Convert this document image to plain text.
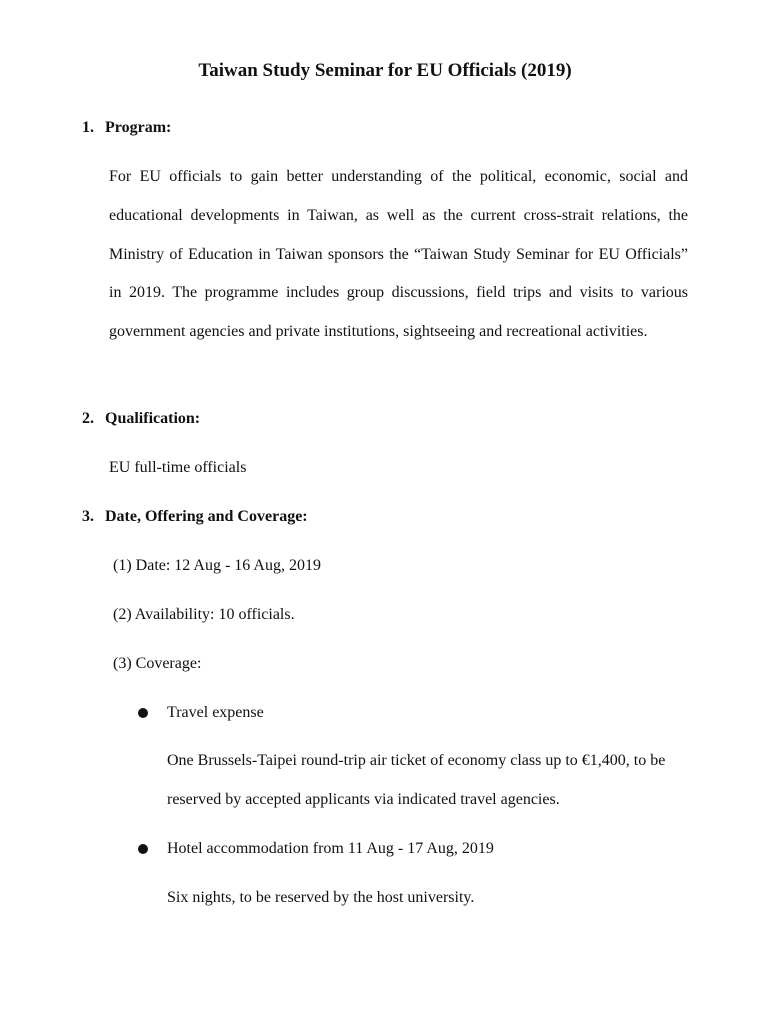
Taiwan Study Seminar for EU Officials (2019)
1. Program:
For EU officials to gain better understanding of the political, economic, social and educational developments in Taiwan, as well as the current cross-strait relations, the Ministry of Education in Taiwan sponsors the “Taiwan Study Seminar for EU Officials” in 2019. The programme includes group discussions, field trips and visits to various government agencies and private institutions, sightseeing and recreational activities.
2. Qualification:
EU full-time officials
3. Date, Offering and Coverage:
(1) Date: 12 Aug - 16 Aug, 2019
(2) Availability: 10 officials.
(3) Coverage:
Travel expense
One Brussels-Taipei round-trip air ticket of economy class up to €1,400, to be reserved by accepted applicants via indicated travel agencies.
Hotel accommodation from 11 Aug - 17 Aug, 2019
Six nights, to be reserved by the host university.
